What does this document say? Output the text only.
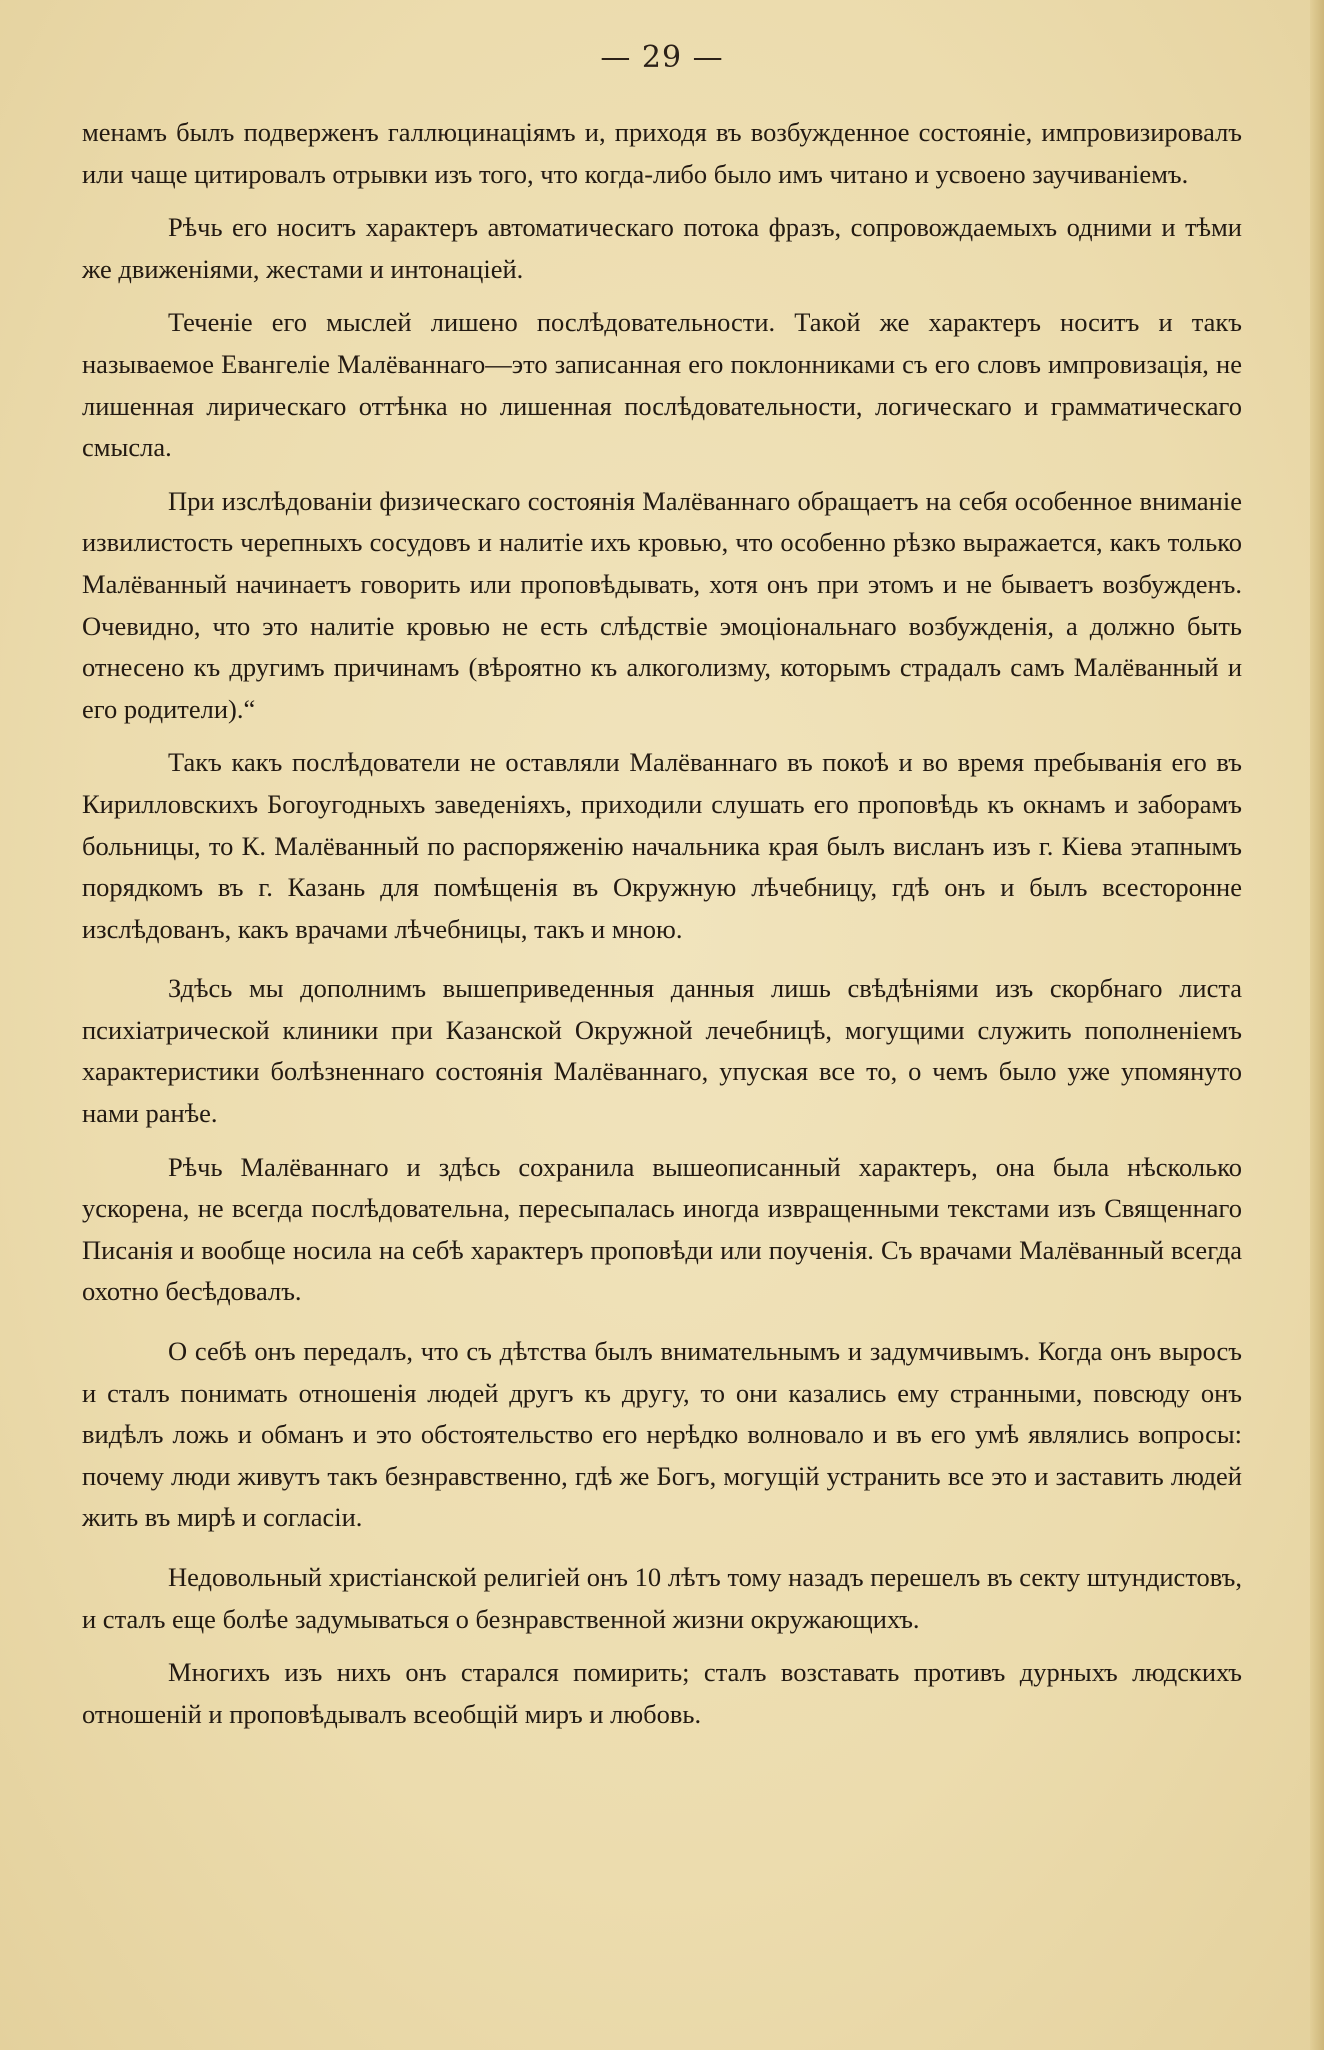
— 29 —

менамъ былъ подверженъ галлюцинаціямъ и, приходя въ возбужденное состояніе, импровизировалъ или чаще цитировалъ отрывки изъ того, что когда-либо было имъ читано и усвоено заучиваніемъ.

Рѣчь его носитъ характеръ автоматическаго потока фразъ, сопровождаемыхъ одними и тѣми же движеніями, жестами и интонаціей.

Теченіе его мыслей лишено послѣдовательности. Такой же характеръ носитъ и такъ называемое Евангеліе Малёваннаго—это записанная его поклонниками съ его словъ импровизація, не лишенная лирическаго оттѣнка но лишенная послѣдовательности, логическаго и грамматическаго смысла.

При изслѣдованіи физическаго состоянія Малёваннаго обращаетъ на себя особенное вниманіе извилистость черепныхъ сосудовъ и налитіе ихъ кровью, что особенно рѣзко выражается, какъ только Малёванный начинаетъ говорить или проповѣдывать, хотя онъ при этомъ и не бываетъ возбужденъ. Очевидно, что это налитіе кровью не есть слѣдствіе эмоціональнаго возбужденія, а должно быть отнесено къ другимъ причинамъ (вѣроятно къ алкоголизму, которымъ страдалъ самъ Малёванный и его родители).“

Такъ какъ послѣдователи не оставляли Малёваннаго въ покоѣ и во время пребыванія его въ Кирилловскихъ Богоугодныхъ заведеніяхъ, приходили слушать его проповѣдь къ окнамъ и заборамъ больницы, то К. Малёванный по распоряженію начальника края былъ висланъ изъ г. Кіева этапнымъ порядкомъ въ г. Казань для помѣщенія въ Окружную лѣчебницу, гдѣ онъ и былъ всесторонне изслѣдованъ, какъ врачами лѣчебницы, такъ и мною.

Здѣсь мы дополнимъ вышеприведенныя данныя лишь свѣдѣніями изъ скорбнаго листа психіатрической клиники при Казанской Окружной лечебницѣ, могущими служить пополненіемъ характеристики болѣзненнаго состоянія Малёваннаго, упуская все то, о чемъ было уже упомянуто нами ранѣе.

Рѣчь Малёваннаго и здѣсь сохранила вышеописанный характеръ, она была нѣсколько ускорена, не всегда послѣдовательна, пересыпалась иногда извращенными текстами изъ Священнаго Писанія и вообще носила на себѣ характеръ проповѣди или поученія. Съ врачами Малёванный всегда охотно бесѣдовалъ.

О себѣ онъ передалъ, что съ дѣтства былъ внимательнымъ и задумчивымъ. Когда онъ выросъ и сталъ понимать отношенія людей другъ къ другу, то они казались ему странными, повсюду онъ видѣлъ ложь и обманъ и это обстоятельство его нерѣдко волновало и въ его умѣ являлись вопросы: почему люди живутъ такъ безнравственно, гдѣ же Богъ, могущій устранить все это и заставить людей жить въ мирѣ и согласіи.

Недовольный христіанской религіей онъ 10 лѣтъ тому назадъ перешелъ въ секту штундистовъ, и сталъ еще болѣе задумываться о безнравственной жизни окружающихъ.

Многихъ изъ нихъ онъ старался помирить; сталъ возставать противъ дурныхъ людскихъ отношеній и проповѣдывалъ всеобщій миръ и любовь.
